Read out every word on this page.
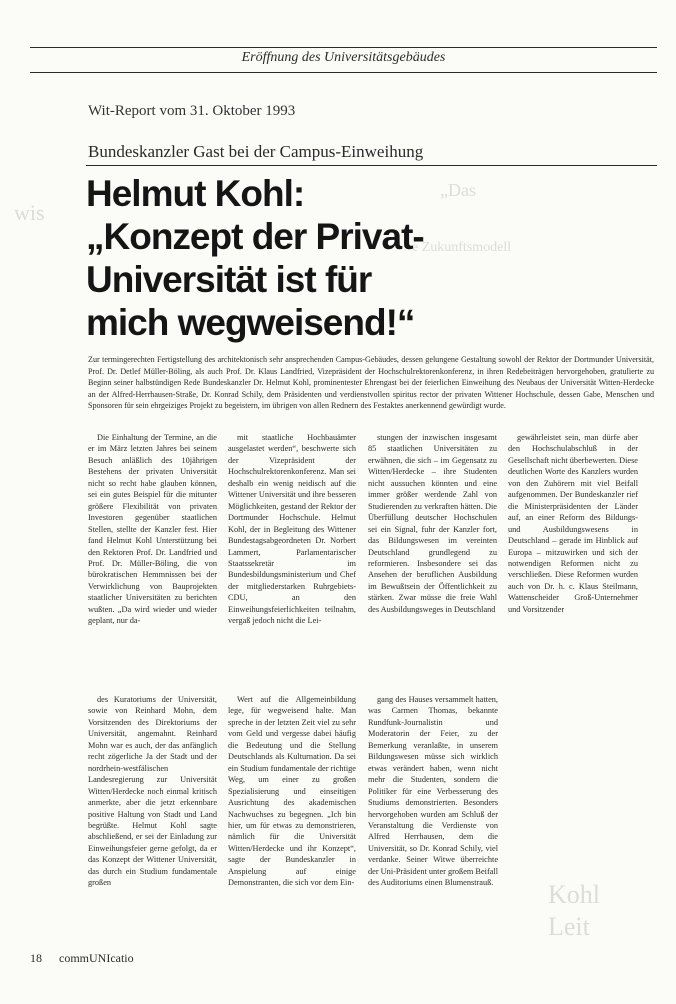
„Das
wis
e Zukunftsmodell
Kohl
Leit
Eröffnung des Universitätsgebäudes
Wit-Report vom 31. Oktober 1993
Bundeskanzler Gast bei der Campus-Einweihung
Helmut Kohl:
„Konzept der Privat-
Universität ist für
mich wegweisend!“
Zur termingerechten Fertigstellung des architektonisch sehr ansprechenden Campus-Gebäudes, dessen gelungene Gestaltung sowohl der Rektor der Dortmunder Universität, Prof. Dr. Detlef Müller-Böling, als auch Prof. Dr. Klaus Landfried, Vizepräsident der Hochschulrektorenkonferenz, in ihren Redebeiträgen hervorgehoben, gratulierte zu Beginn seiner halbstündigen Rede Bundeskanzler Dr. Helmut Kohl, prominentester Ehrengast bei der feierlichen Einweihung des Neubaus der Universität Witten-Herdecke an der Alfred-Herrhausen-Straße, Dr. Konrad Schily, dem Präsidenten und verdienstvollen spiritus rector der privaten Wittener Hochschule, dessen Gabe, Menschen und Sponsoren für sein ehrgeiziges Projekt zu begeistern, im übrigen von allen Rednern des Festaktes anerkennend gewürdigt wurde.

Die Einhaltung der Termine, an die er im März letzten Jahres bei seinem Besuch anläßlich des 10jährigen Bestehens der privaten Universität nicht so recht habe glauben können, sei ein gutes Beispiel für die mitunter größere Flexibilität von privaten Investoren gegenüber staatlichen Stellen, stellte der Kanzler fest. Hier fand Helmut Kohl Unterstützung bei den Rektoren Prof. Dr. Landfried und Prof. Dr. Müller-Böling, die von bürokratischen Hemmnissen bei der Verwirklichung von Bauprojekten staatlicher Universitäten zu berichten wußten. „Da wird wieder und wieder geplant, nur da-

mit staatliche Hochbauämter ausgelastet werden“, beschwerte sich der Vizepräsident der Hochschulrektorenkonferenz. Man sei deshalb ein wenig neidisch auf die Wittener Universität und ihre besseren Möglichkeiten, gestand der Rektor der Dortmunder Hochschule. Helmut Kohl, der in Begleitung des Wittener Bundestagsabgeordneten Dr. Norbert Lammert, Parlamentarischer Staatssekretär im Bundesbildungsministerium und Chef der mitgliederstarken Ruhrgebiets-CDU, an den Einweihungsfeierlichkeiten teilnahm, vergaß jedoch nicht die Lei-

stungen der inzwischen insgesamt 85 staatlichen Universitäten zu erwähnen, die sich – im Gegensatz zu Witten/Herdecke – ihre Studenten nicht aussuchen könnten und eine immer größer werdende Zahl von Studierenden zu verkraften hätten. Die Überfüllung deutscher Hochschulen sei ein Signal, fuhr der Kanzler fort, das Bildungswesen im vereinten Deutschland grundlegend zu reformieren. Insbesondere sei das Ansehen der beruflichen Ausbildung im Bewußtsein der Öffentlichkeit zu stärken. Zwar müsse die freie Wahl des Ausbildungsweges in Deutschland

gewährleistet sein, man dürfe aber den Hochschulabschluß in der Gesellschaft nicht überbewerten. Diese deutlichen Worte des Kanzlers wurden von den Zuhörern mit viel Beifall aufgenommen. Der Bundeskanzler rief die Ministerpräsidenten der Länder auf, an einer Reform des Bildungs- und Ausbildungswesens in Deutschland – gerade im Hinblick auf Europa – mitzuwirken und sich der notwendigen Reformen nicht zu verschließen. Diese Reformen wurden auch von Dr. h. c. Klaus Steilmann, Wattenscheider Groß-Unternehmer und Vorsitzender

des Kuratoriums der Universität, sowie von Reinhard Mohn, dem Vorsitzenden des Direktoriums der Universität, angemahnt. Reinhard Mohn war es auch, der das anfänglich recht zögerliche Ja der Stadt und der nordrhein-westfälischen Landesregierung zur Universität Witten/Herdecke noch einmal kritisch anmerkte, aber die jetzt erkennbare positive Haltung von Stadt und Land begrüßte. Helmut Kohl sagte abschließend, er sei der Einladung zur Einweihungsfeier gerne gefolgt, da er das Konzept der Wittener Universität, das durch ein Studium fundamentale großen

Wert auf die Allgemeinbildung lege, für wegweisend halte. Man spreche in der letzten Zeit viel zu sehr vom Geld und vergesse dabei häufig die Bedeutung und die Stellung Deutschlands als Kulturnation. Da sei ein Studium fundamentale der richtige Weg, um einer zu großen Spezialisierung und einseitigen Ausrichtung des akademischen Nachwuchses zu begegnen. „Ich bin hier, um für etwas zu demonstrieren, nämlich für die Universität Witten/Herdecke und ihr Konzept“, sagte der Bundeskanzler in Anspielung auf einige Demonstranten, die sich vor dem Ein-

gang des Hauses versammelt hatten, was Carmen Thomas, bekannte Rundfunk-Journalistin und Moderatorin der Feier, zu der Bemerkung veranlaßte, in unserem Bildungswesen müsse sich wirklich etwas verändert haben, wenn nicht mehr die Studenten, sondern die Politiker für eine Verbesserung des Studiums demonstrierten. Besonders hervorgehoben wurden am Schluß der Veranstaltung die Verdienste von Alfred Herrhausen, dem die Universität, so Dr. Konrad Schily, viel verdanke. Seiner Witwe überreichte der Uni-Präsident unter großem Beifall des Auditoriums einen Blumenstrauß.

18 commUNIcatio
